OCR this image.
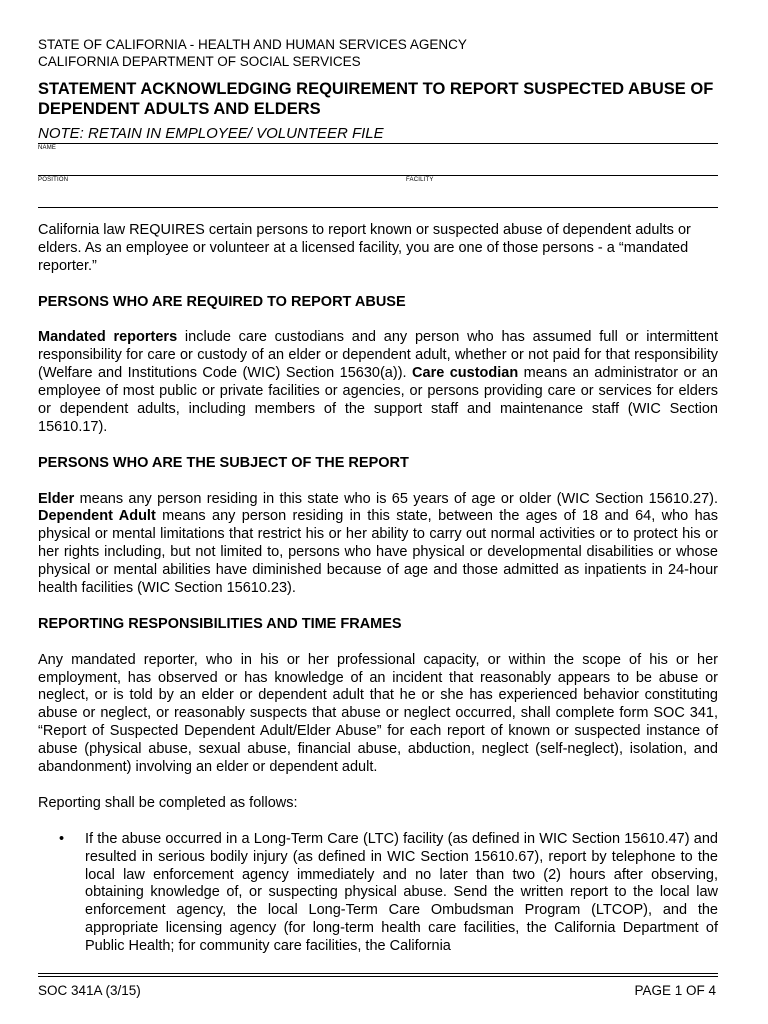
STATE OF CALIFORNIA - HEALTH AND HUMAN SERVICES AGENCY
CALIFORNIA DEPARTMENT OF SOCIAL SERVICES
STATEMENT ACKNOWLEDGING REQUIREMENT TO REPORT SUSPECTED ABUSE OF DEPENDENT ADULTS AND ELDERS
NOTE: RETAIN IN EMPLOYEE/ VOLUNTEER FILE
NAME
POSITION	FACILITY

California law REQUIRES certain persons to report known or suspected abuse of dependent adults or elders. As an employee or volunteer at a licensed facility, you are one of those persons - a “mandated reporter.”

PERSONS WHO ARE REQUIRED TO REPORT ABUSE

Mandated reporters include care custodians and any person who has assumed full or intermittent responsibility for care or custody of an elder or dependent adult, whether or not paid for that responsibility (Welfare and Institutions Code (WIC) Section 15630(a)). Care custodian means an administrator or an employee of most public or private facilities or agencies, or persons providing care or services for elders or dependent adults, including members of the support staff and maintenance staff (WIC Section 15610.17).

PERSONS WHO ARE THE SUBJECT OF THE REPORT

Elder means any person residing in this state who is 65 years of age or older (WIC Section 15610.27). Dependent Adult means any person residing in this state, between the ages of 18 and 64, who has physical or mental limitations that restrict his or her ability to carry out normal activities or to protect his or her rights including, but not limited to, persons who have physical or developmental disabilities or whose physical or mental abilities have diminished because of age and those admitted as inpatients in 24-hour health facilities (WIC Section 15610.23).

REPORTING RESPONSIBILITIES AND TIME FRAMES

Any mandated reporter, who in his or her professional capacity, or within the scope of his or her employment, has observed or has knowledge of an incident that reasonably appears to be abuse or neglect, or is told by an elder or dependent adult that he or she has experienced behavior constituting abuse or neglect, or reasonably suspects that abuse or neglect occurred, shall complete form SOC 341, “Report of Suspected Dependent Adult/Elder Abuse” for each report of known or suspected instance of abuse (physical abuse, sexual abuse, financial abuse, abduction, neglect (self-neglect), isolation, and abandonment) involving an elder or dependent adult.

Reporting shall be completed as follows:

• If the abuse occurred in a Long-Term Care (LTC) facility (as defined in WIC Section 15610.47) and resulted in serious bodily injury (as defined in WIC Section 15610.67), report by telephone to the local law enforcement agency immediately and no later than two (2) hours after observing, obtaining knowledge of, or suspecting physical abuse. Send the written report to the local law enforcement agency, the local Long-Term Care Ombudsman Program (LTCOP), and the appropriate licensing agency (for long-term health care facilities, the California Department of Public Health; for community care facilities, the California

SOC 341A (3/15)	PAGE 1 OF 4
